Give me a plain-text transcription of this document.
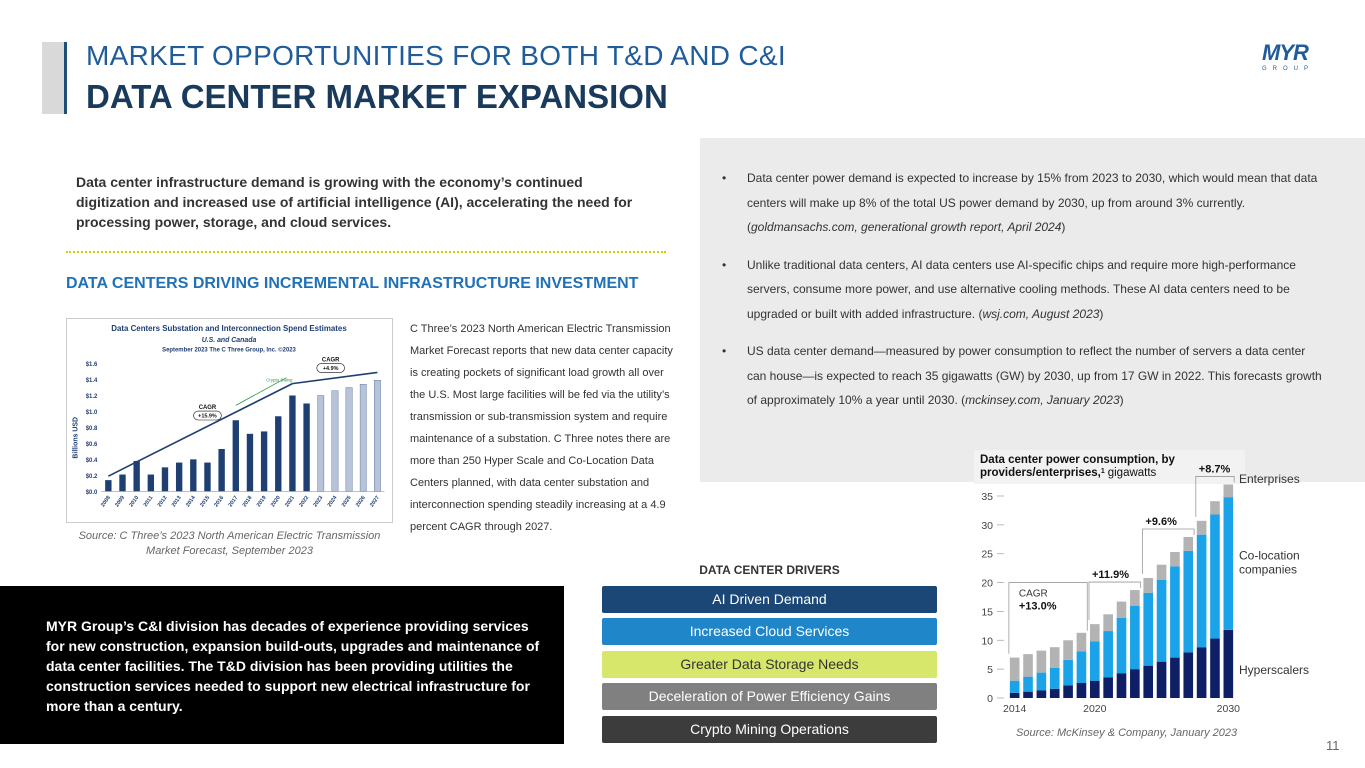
MARKET OPPORTUNITIES FOR BOTH T&D AND C&I
DATA CENTER MARKET EXPANSION
MYR
GROUP
Data center infrastructure demand is growing with the economy’s continued digitization and increased use of artificial intelligence (AI), accelerating the need for processing power, storage, and cloud services.
DATA CENTERS DRIVING INCREMENTAL INFRASTRUCTURE INVESTMENT
Data Centers Substation and Interconnection Spend Estimates
U.S. and Canada
September 2023 The C Three Group, Inc. ©2023
Billions USD
$0.0
$0.2
$0.4
$0.6
$0.8
$1.0
$1.2
$1.4
$1.6
2008 2009 2010 2011 2012 2013 2014 2015 2016 2017 2018 2019 2020 2021 2022 2023 2024 2025 2026 2027
CAGR
+15.9%
CAGR
+4.9%
Crypto Swing
Source: C Three’s 2023 North American Electric Transmission Market Forecast, September 2023
C Three’s 2023 North American Electric Transmission Market Forecast reports that new data center capacity is creating pockets of significant load growth all over the U.S. Most large facilities will be fed via the utility’s transmission or sub-transmission system and require maintenance of a substation. C Three notes there are more than 250 Hyper Scale and Co-Location Data Centers planned, with data center substation and interconnection spending steadily increasing at a 4.9 percent CAGR through 2027.
• Data center power demand is expected to increase by 15% from 2023 to 2030, which would mean that data centers will make up 8% of the total US power demand by 2030, up from around 3% currently. (goldmansachs.com, generational growth report, April 2024)
• Unlike traditional data centers, AI data centers use AI-specific chips and require more high-performance servers, consume more power, and use alternative cooling methods. These AI data centers need to be upgraded or built with added infrastructure. (wsj.com, August 2023)
• US data center demand—measured by power consumption to reflect the number of servers a data center can house—is expected to reach 35 gigawatts (GW) by 2030, up from 17 GW in 2022. This forecasts growth of approximately 10% a year until 2030. (mckinsey.com, January 2023)
MYR Group’s C&I division has decades of experience providing services for new construction, expansion build-outs, upgrades and maintenance of data center facilities. The T&D division has been providing utilities the construction services needed to support new electrical infrastructure for more than a century.
DATA CENTER DRIVERS
AI Driven Demand
Increased Cloud Services
Greater Data Storage Needs
Deceleration of Power Efficiency Gains
Crypto Mining Operations
Data center power consumption, by providers/enterprises,$^1$ gigawatts
0
5
10
15
20
25
30
35
2014	2020	2030
Hyperscalers
Co-location companies
Enterprises
CAGR
+13.0%
+11.9%
+9.6%
+8.7%
Source: McKinsey & Company, January 2023
11
